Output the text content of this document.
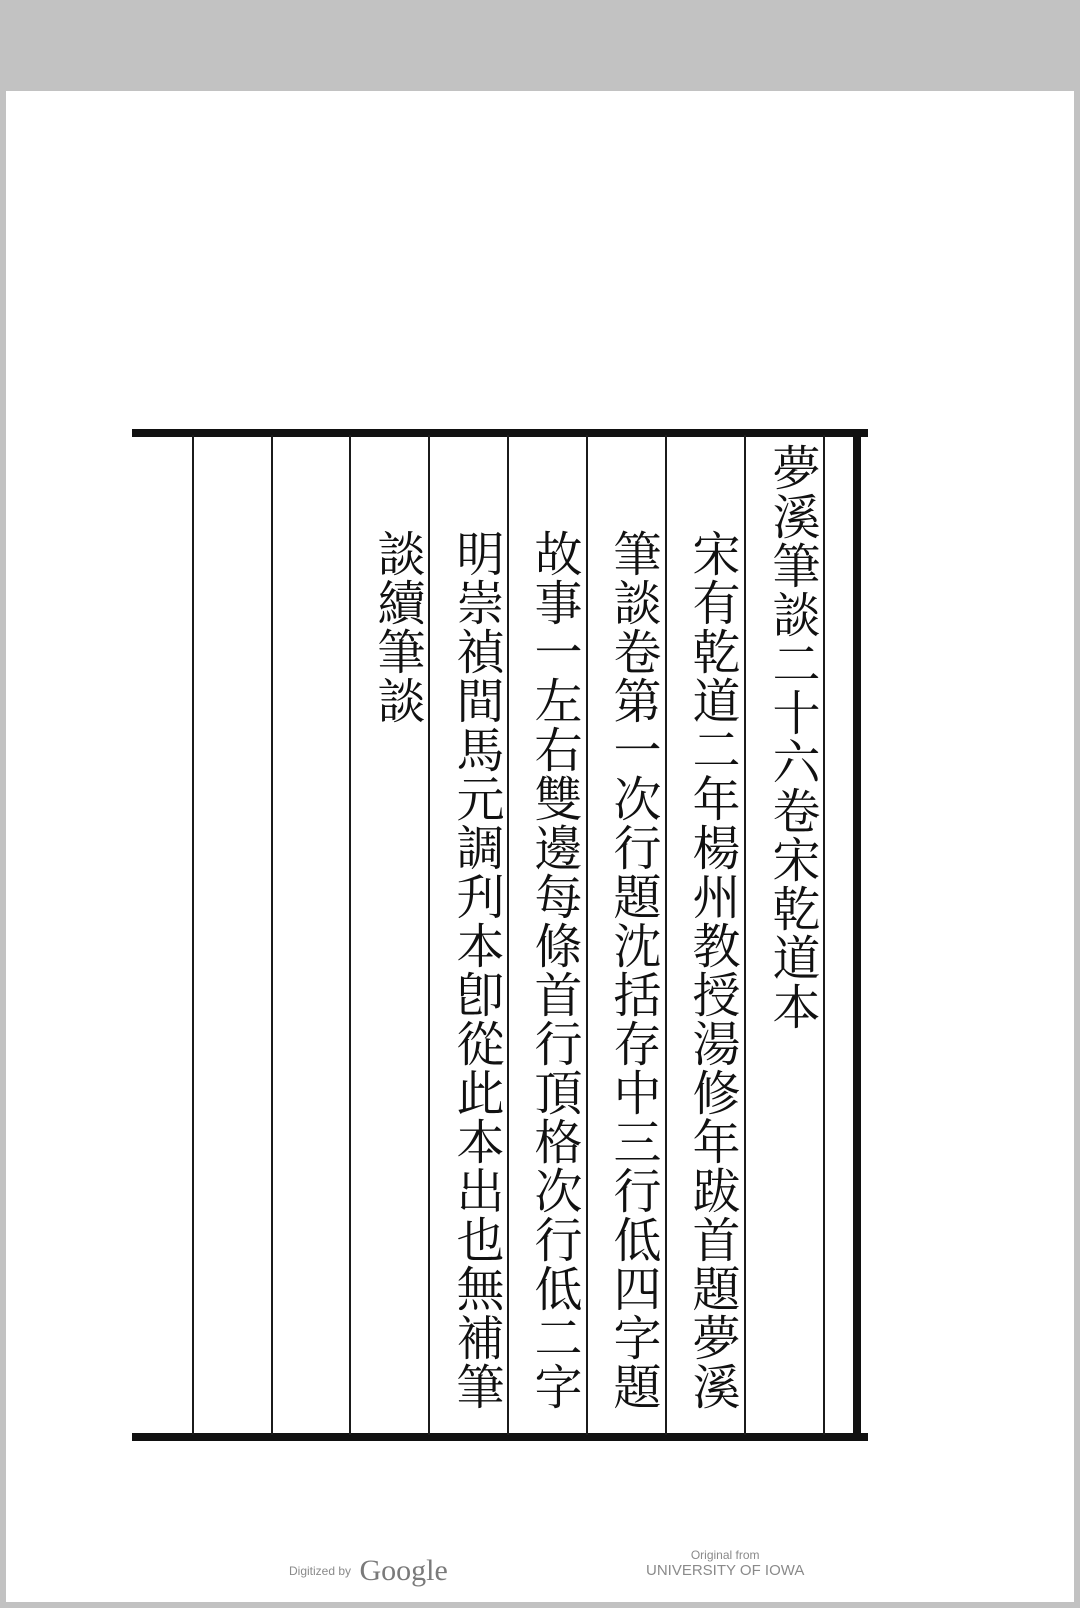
夢溪筆談二十六卷宋乾道本
宋有乾道二年楊州教授湯修年跋首題夢溪
筆談卷第一次行題沈括存中三行低四字題
故事一左右雙邊每條首行頂格次行低二字
明崇禎間馬元調刋本卽從此本出也無補筆
談續筆談
Digitized by Google	Original from
UNIVERSITY OF IOWA
